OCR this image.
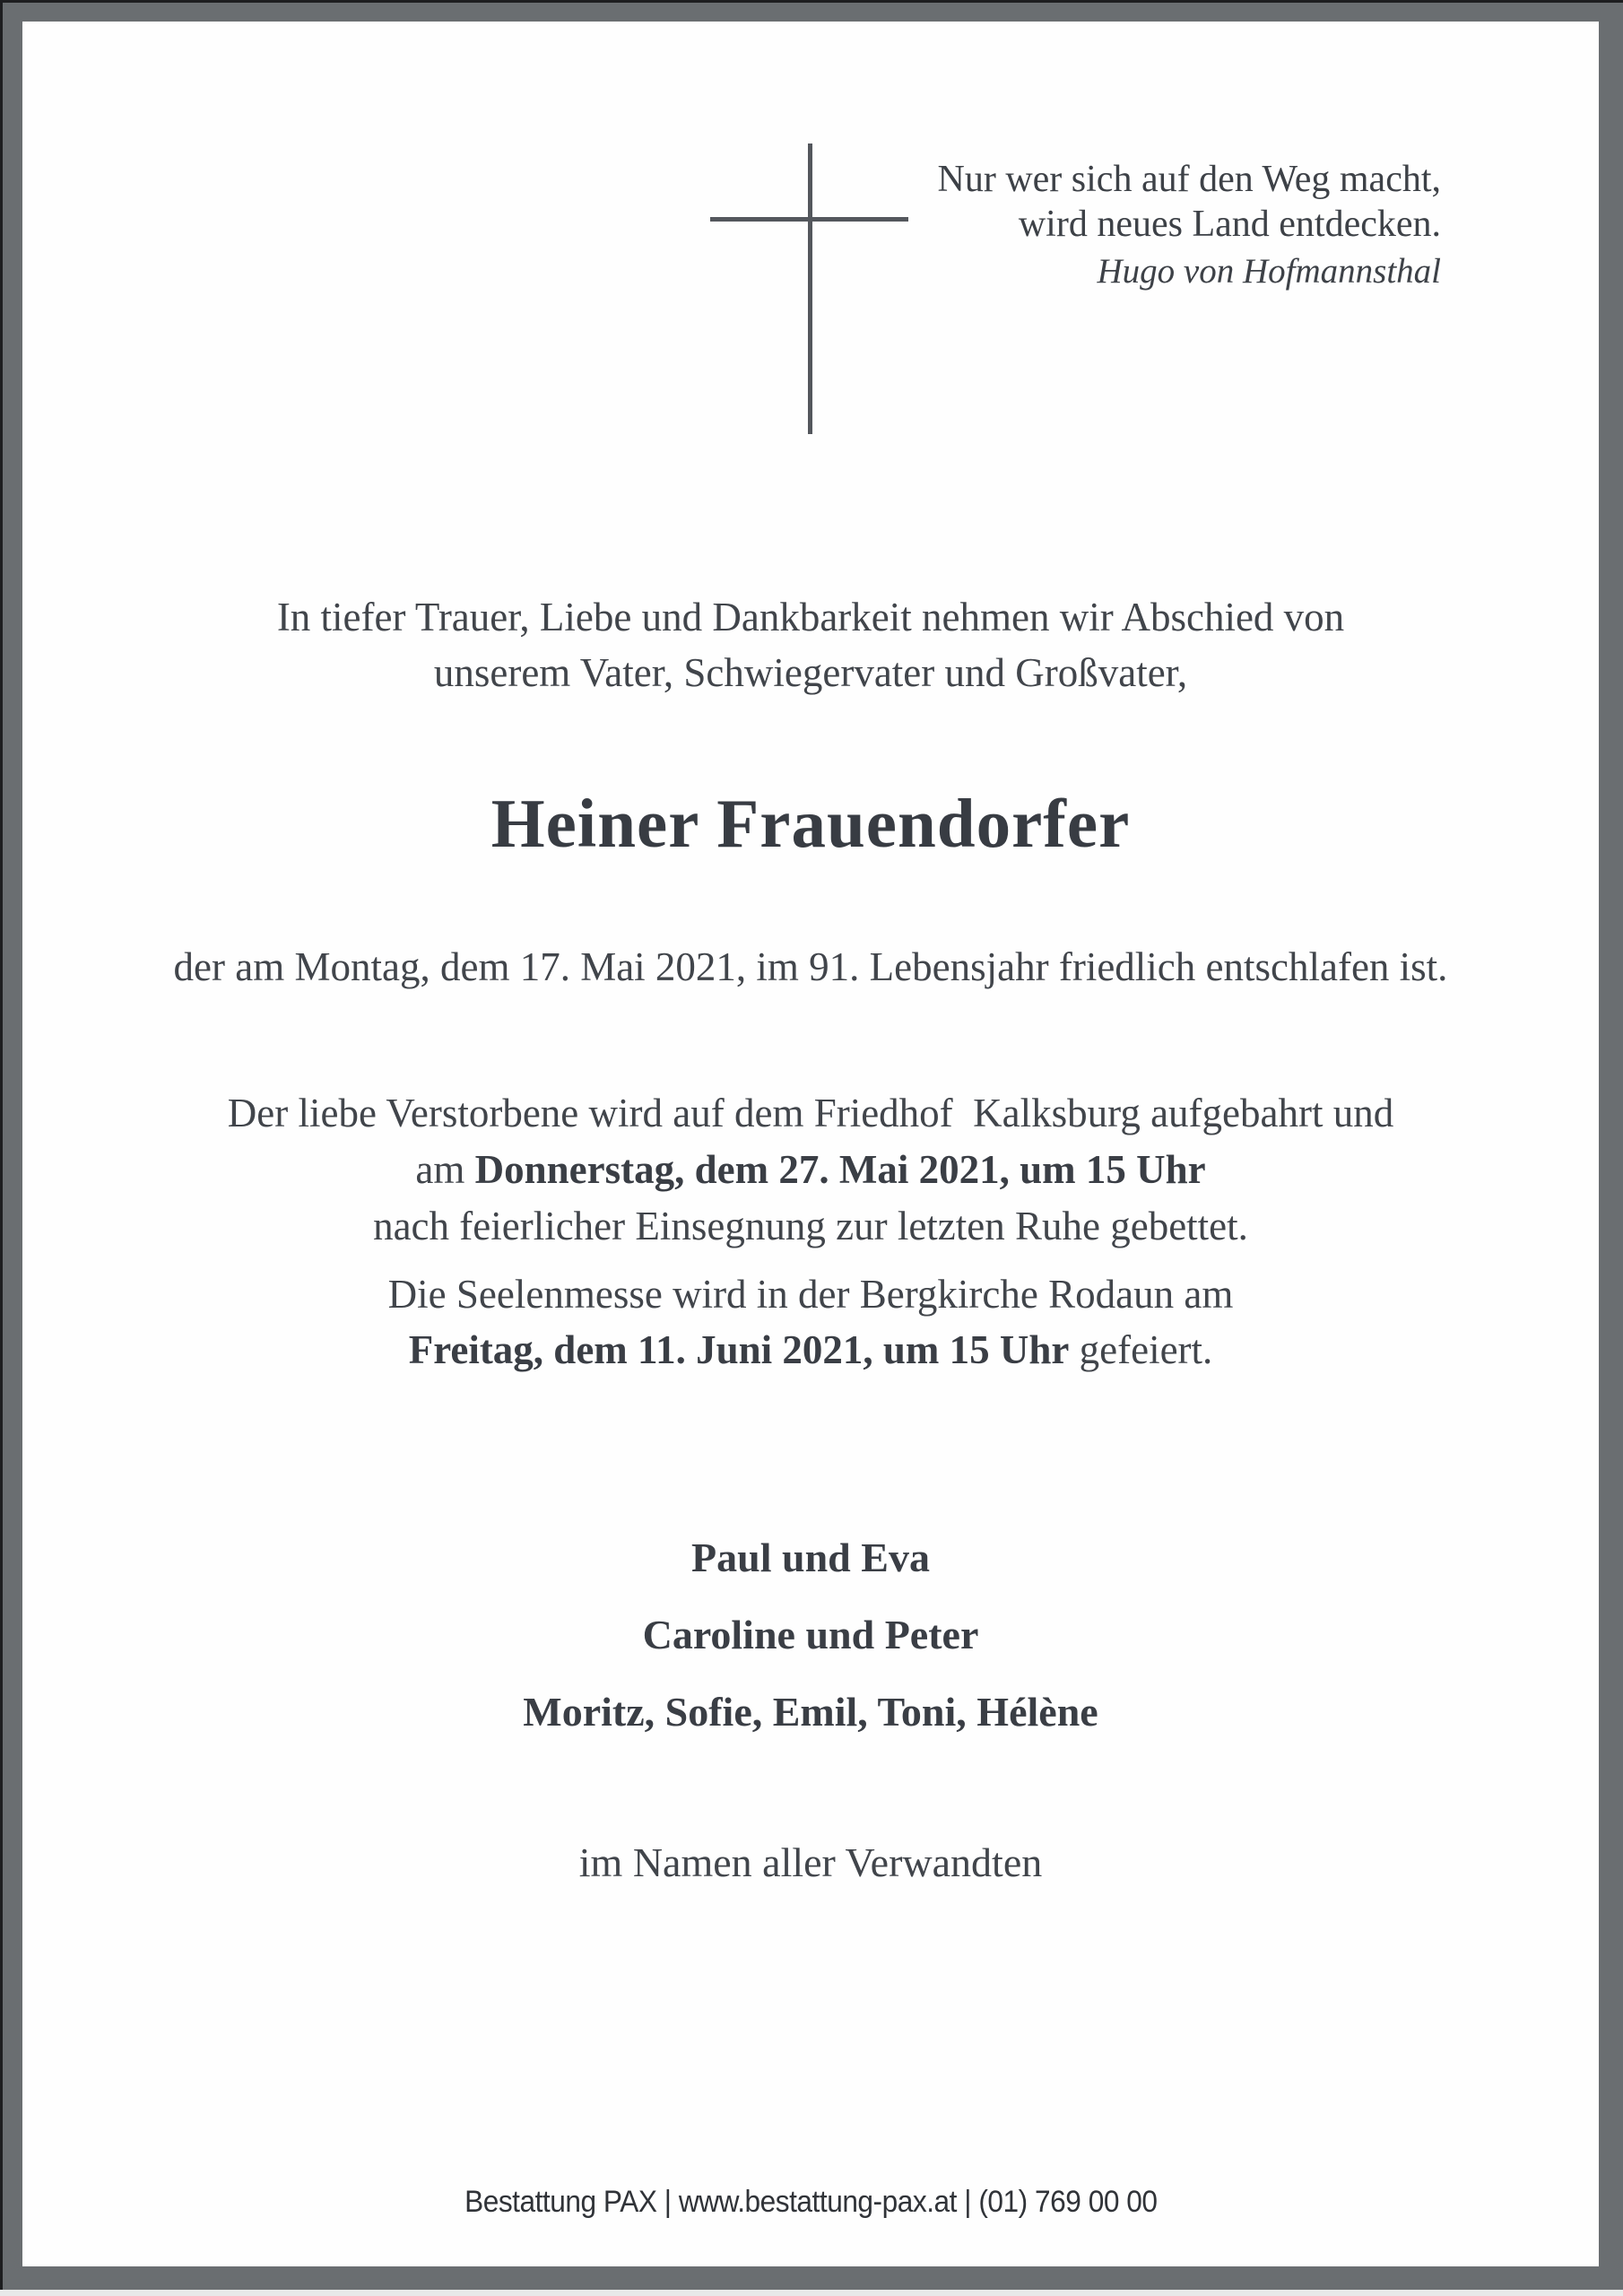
Nur wer sich auf den Weg macht,
wird neues Land entdecken.
Hugo von Hofmannsthal
In tiefer Trauer, Liebe und Dankbarkeit nehmen wir Abschied von
unserem Vater, Schwiegervater und Großvater,
Heiner Frauendorfer
der am Montag, dem 17. Mai 2021, im 91. Lebensjahr friedlich entschlafen ist.
Der liebe Verstorbene wird auf dem Friedhof  Kalksburg aufgebahrt und
am Donnerstag, dem 27. Mai 2021, um 15 Uhr
nach feierlicher Einsegnung zur letzten Ruhe gebettet.
Die Seelenmesse wird in der Bergkirche Rodaun am
Freitag, dem 11. Juni 2021, um 15 Uhr gefeiert.
Paul und Eva
Caroline und Peter
Moritz, Sofie, Emil, Toni, Hélène
im Namen aller Verwandten
Bestattung PAX | www.bestattung-pax.at | (01) 769 00 00
